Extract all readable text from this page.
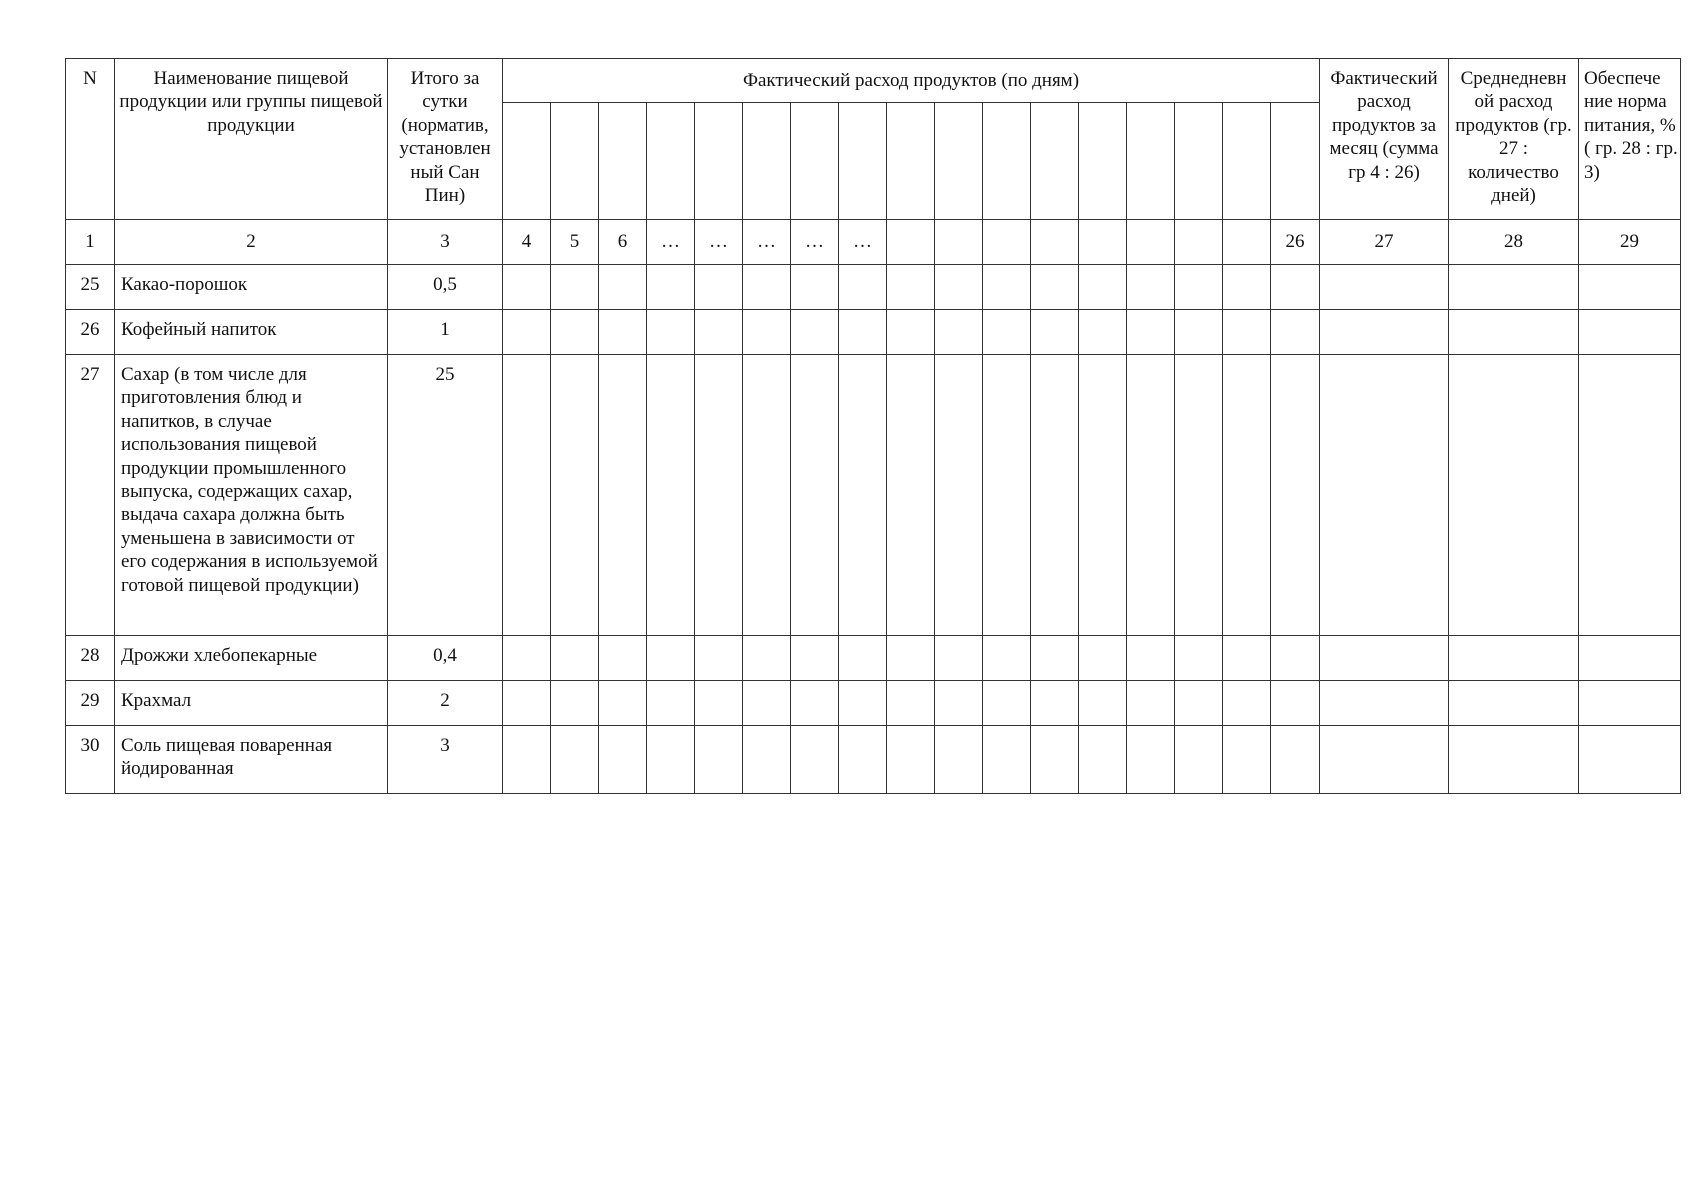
N	Наименование пищевой продукции или группы пищевой продукции	Итого за сутки (норматив, установлен ный Сан Пин)	Фактический расход продуктов (по дням)																	Фактический расход продуктов за месяц (сумма гр 4 : 26)	Среднедневн ой расход продуктов (гр. 27 : количество дней)	Обеспече ние норма питания, % ( гр. 28 : гр. 3)

1	2	3	4	5	6	…	…	…	…	…									26	27	28	29
25	Какао-порошок	0,5																				
26	Кофейный напиток	1																				
27	Сахар (в том числе для приготовления блюд и напитков, в случае использования пищевой продукции промышленного выпуска, содержащих сахар, выдача сахара должна быть уменьшена в зависимости от его содержания в используемой готовой пищевой продукции)	25																				
28	Дрожжи хлебопекарные	0,4																				
29	Крахмал	2																				
30	Соль пищевая поваренная йодированная	3																				
